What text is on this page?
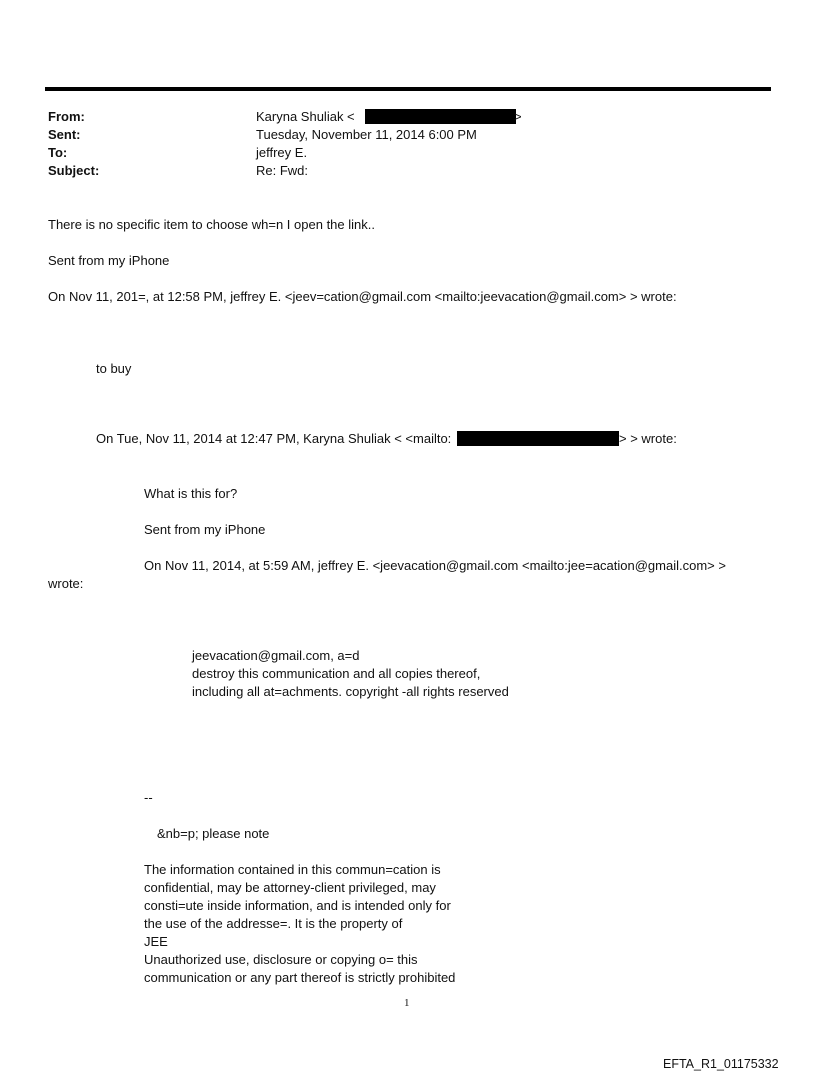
From:	Karyna Shuliak <	>
Sent:	Tuesday, November 11, 2014 6:00 PM
To:	jeffrey E.
Subject:	Re: Fwd:
There is no specific item to choose wh=n I open the link..
Sent from my iPhone
On Nov 11, 201=, at 12:58 PM, jeffrey E. <jeev=cation@gmail.com <mailto:jeevacation@gmail.com> > wrote:
to buy
On Tue, Nov 11, 2014 at 12:47 PM, Karyna Shuliak < <mailto:	> > wrote:
What is this for?
Sent from my iPhone
On Nov 11, 2014, at 5:59 AM, jeffrey E. <jeevacation@gmail.com <mailto:jee=acation@gmail.com> >
wrote:
jeevacation@gmail.com, a=d
destroy this communication and all copies thereof,
including all at=achments. copyright -all rights reserved
--
&nb=p; please note
The information contained in this commun=cation is
confidential, may be attorney-client privileged, may
consti=ute inside information, and is intended only for
the use of the addresse=. It is the property of
JEE
Unauthorized use, disclosure or copying o= this
communication or any part thereof is strictly prohibited
1
EFTA_R1_01175332
